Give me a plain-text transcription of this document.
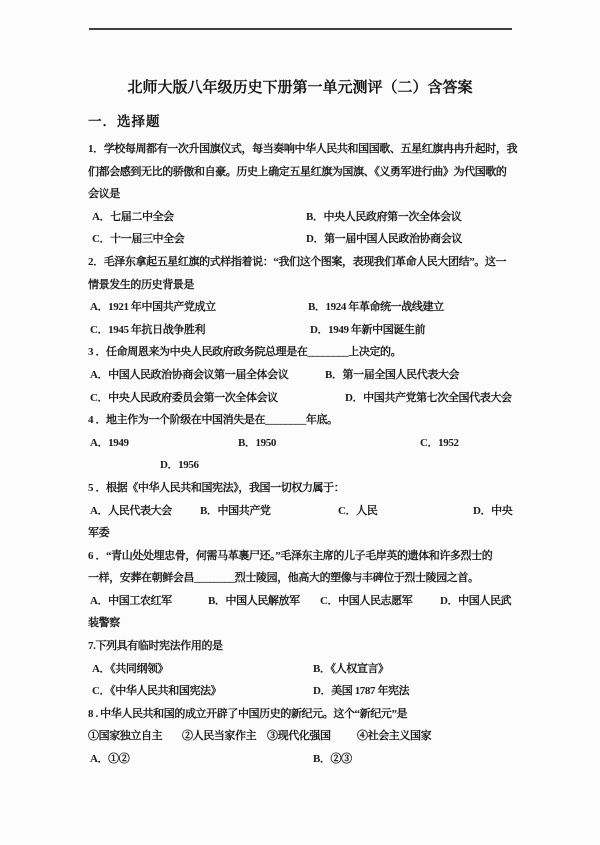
北师大版八年级历史下册第一单元测评（二）含答案
一．选择题
1．学校每周都有一次升国旗仪式，每当奏响中华人民共和国国歌、五星红旗冉冉升起时，我
们都会感到无比的骄傲和自豪。历史上确定五星红旗为国旗、《义勇军进行曲》为代国歌的
会议是
A．七届二中全会	B．中央人民政府第一次全体会议
C．十一届三中全会	D．第一届中国人民政治协商会议
2．毛泽东拿起五星红旗的式样指着说：“我们这个图案，表现我们革命人民大团结”。这一
情景发生的历史背景是
A．1921 年中国共产党成立	B．1924 年革命统一战线建立
C．1945 年抗日战争胜利	D．1949 年新中国诞生前
3 ．任命周恩来为中央人民政府政务院总理是在________上决定的。
A．中国人民政治协商会议第一届全体会议	B．第一届全国人民代表大会
C．中央人民政府委员会第一次全体会议	D．中国共产党第七次全国代表大会
4 ．地主作为一个阶级在中国消失是在________年底。
A．1949	B．1950	C．1952
D．1956
5 ．根据《中华人民共和国宪法》，我国一切权力属于：
A．人民代表大会	B．中国共产党	C．人民	D．中央
军委
6 ．“青山处处埋忠骨，何需马革裹尸还。”毛泽东主席的儿子毛岸英的遗体和许多烈士的
一样，安葬在朝鲜会昌________烈士陵园，他高大的塑像与丰碑位于烈士陵园之首。
A．中国工农红军	B．中国人民解放军 C．中国人民志愿军	D．中国人民武
装警察
7.下列具有临时宪法作用的是
A．《共同纲领》	B．《人权宣言》
C．《中华人民共和国宪法》	D．美国 1787 年宪法
8 . 中华人民共和国的成立开辟了中国历史的新纪元。这个“新纪元”是
①国家独立自主 ②人民当家作主 ③现代化强国 ④社会主义国家
A．①②	B．②③
